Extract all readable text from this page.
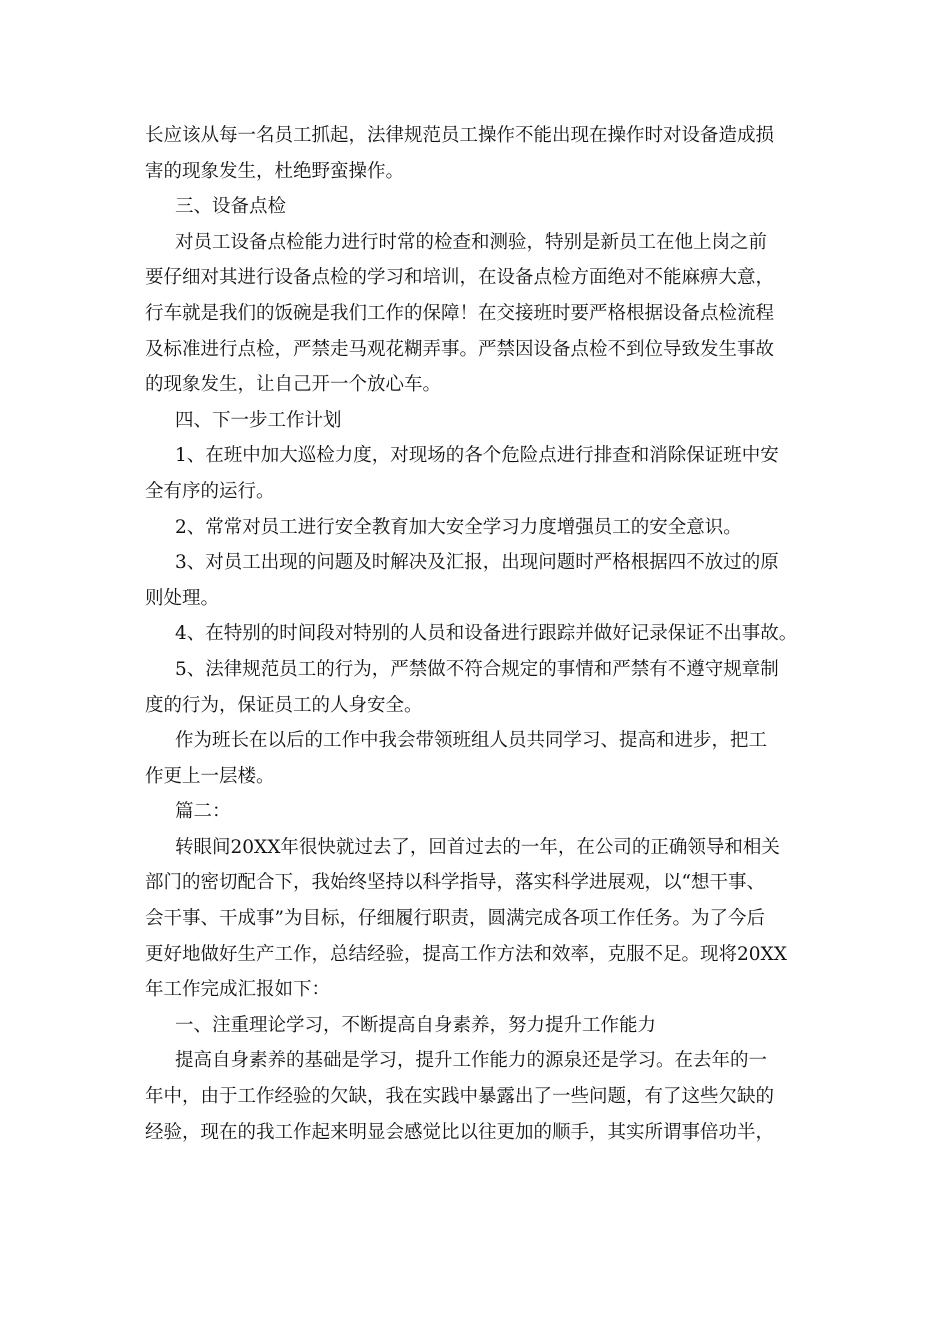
长应该从每一名员工抓起，法律规范员工操作不能出现在操作时对设备造成损
害的现象发生，杜绝野蛮操作。
三、设备点检
对员工设备点检能力进行时常的检查和测验，特别是新员工在他上岗之前
要仔细对其进行设备点检的学习和培训，在设备点检方面绝对不能麻痹大意，
行车就是我们的饭碗是我们工作的保障！在交接班时要严格根据设备点检流程
及标准进行点检，严禁走马观花糊弄事。严禁因设备点检不到位导致发生事故
的现象发生，让自己开一个放心车。
四、下一步工作计划
1、在班中加大巡检力度，对现场的各个危险点进行排查和消除保证班中安
全有序的运行。
2、常常对员工进行安全教育加大安全学习力度增强员工的安全意识。
3、对员工出现的问题及时解决及汇报，出现问题时严格根据四不放过的原
则处理。
4、在特别的时间段对特别的人员和设备进行跟踪并做好记录保证不出事故。
5、法律规范员工的行为，严禁做不符合规定的事情和严禁有不遵守规章制
度的行为，保证员工的人身安全。
作为班长在以后的工作中我会带领班组人员共同学习、提高和进步，把工
作更上一层楼。
篇二：
转眼间20XX年很快就过去了，回首过去的一年，在公司的正确领导和相关
部门的密切配合下，我始终坚持以科学指导，落实科学进展观，以“想干事、
会干事、干成事”为目标，仔细履行职责，圆满完成各项工作任务。为了今后
更好地做好生产工作，总结经验，提高工作方法和效率，克服不足。现将20XX
年工作完成汇报如下：
一、注重理论学习，不断提高自身素养，努力提升工作能力
提高自身素养的基础是学习，提升工作能力的源泉还是学习。在去年的一
年中，由于工作经验的欠缺，我在实践中暴露出了一些问题，有了这些欠缺的
经验，现在的我工作起来明显会感觉比以往更加的顺手，其实所谓事倍功半，
